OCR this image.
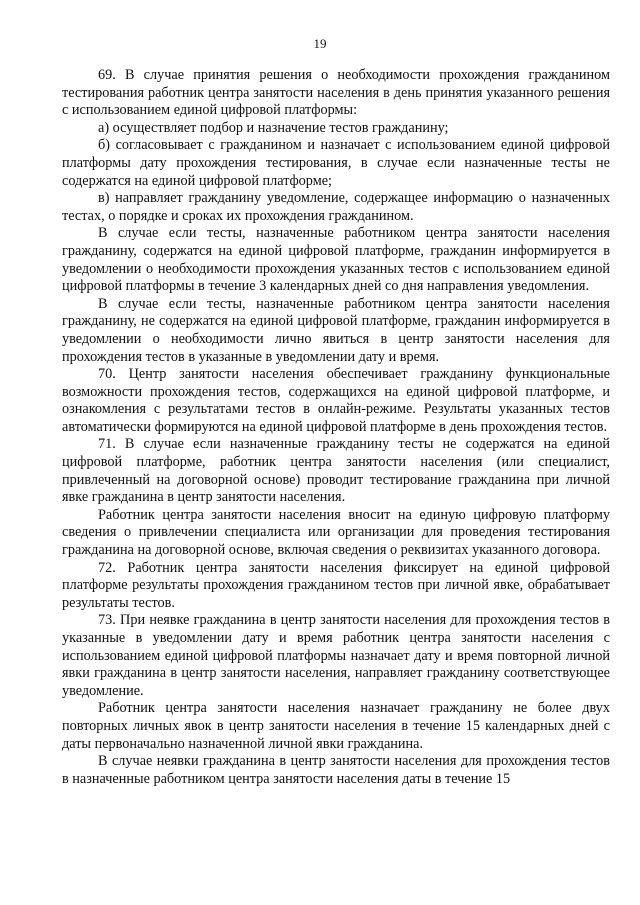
19

69. В случае принятия решения о необходимости прохождения гражданином тестирования работник центра занятости населения в день принятия указанного решения с использованием единой цифровой платформы:

а) осуществляет подбор и назначение тестов гражданину;

б) согласовывает с гражданином и назначает с использованием единой цифровой платформы дату прохождения тестирования, в случае если назначенные тесты не содержатся на единой цифровой платформе;

в) направляет гражданину уведомление, содержащее информацию о назначенных тестах, о порядке и сроках их прохождения гражданином.

В случае если тесты, назначенные работником центра занятости населения гражданину, содержатся на единой цифровой платформе, гражданин информируется в уведомлении о необходимости прохождения указанных тестов с использованием единой цифровой платформы в течение 3 календарных дней со дня направления уведомления.

В случае если тесты, назначенные работником центра занятости населения гражданину, не содержатся на единой цифровой платформе, гражданин информируется в уведомлении о необходимости лично явиться в центр занятости населения для прохождения тестов в указанные в уведомлении дату и время.

70. Центр занятости населения обеспечивает гражданину функциональные возможности прохождения тестов, содержащихся на единой цифровой платформе, и ознакомления с результатами тестов в онлайн-режиме. Результаты указанных тестов автоматически формируются на единой цифровой платформе в день прохождения тестов.

71. В случае если назначенные гражданину тесты не содержатся на единой цифровой платформе, работник центра занятости населения (или специалист, привлеченный на договорной основе) проводит тестирование гражданина при личной явке гражданина в центр занятости населения.

Работник центра занятости населения вносит на единую цифровую платформу сведения о привлечении специалиста или организации для проведения тестирования гражданина на договорной основе, включая сведения о реквизитах указанного договора.

72. Работник центра занятости населения фиксирует на единой цифровой платформе результаты прохождения гражданином тестов при личной явке, обрабатывает результаты тестов.

73. При неявке гражданина в центр занятости населения для прохождения тестов в указанные в уведомлении дату и время работник центра занятости населения с использованием единой цифровой платформы назначает дату и время повторной личной явки гражданина в центр занятости населения, направляет гражданину соответствующее уведомление.

Работник центра занятости населения назначает гражданину не более двух повторных личных явок в центр занятости населения в течение 15 календарных дней с даты первоначально назначенной личной явки гражданина.

В случае неявки гражданина в центр занятости населения для прохождения тестов в назначенные работником центра занятости населения даты в течение 15
